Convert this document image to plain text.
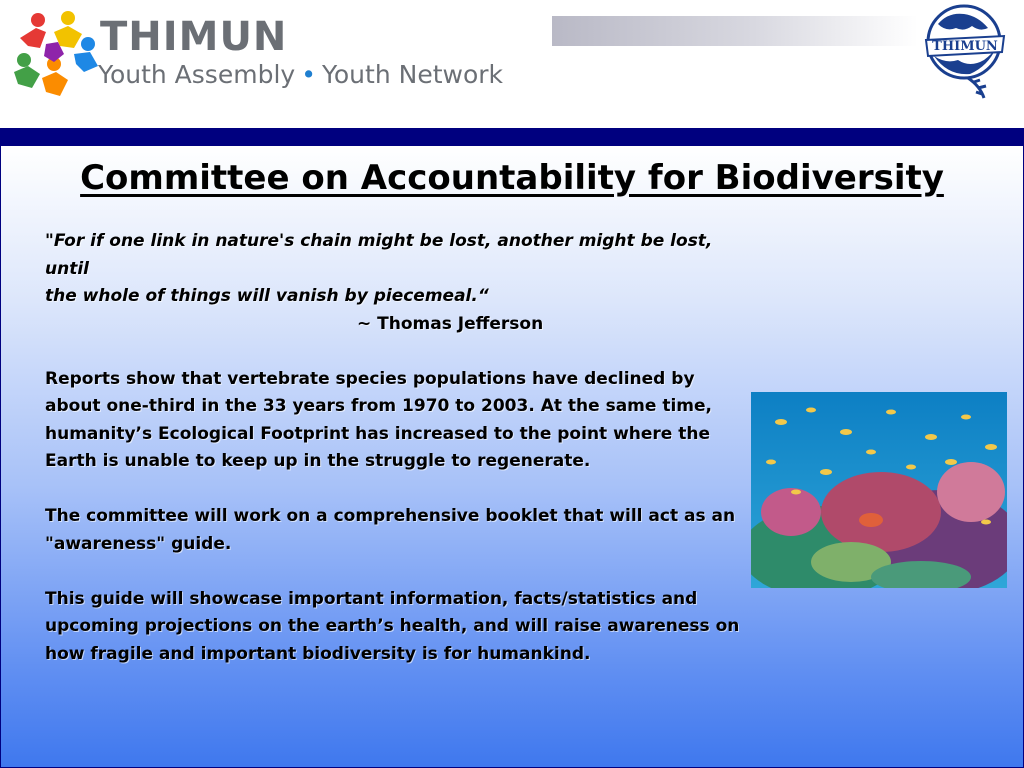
THIMUN
Youth Assembly • Youth Network
THIMUN
Committee on Accountability for Biodiversity
"For if one link in nature's chain might be lost, another might be lost, until
the whole of things will vanish by piecemeal.“
~ Thomas Jefferson
Reports show that vertebrate species populations have declined by about one-third in the 33 years from 1970 to 2003. At the same time, humanity’s Ecological Footprint has increased to the point where the Earth is unable to keep up in the struggle to regenerate.
The committee will work on a comprehensive booklet that will act as an "awareness" guide.
This guide will showcase important information, facts/statistics and upcoming projections on the earth’s health, and will raise awareness on how fragile and important biodiversity is for humankind.
